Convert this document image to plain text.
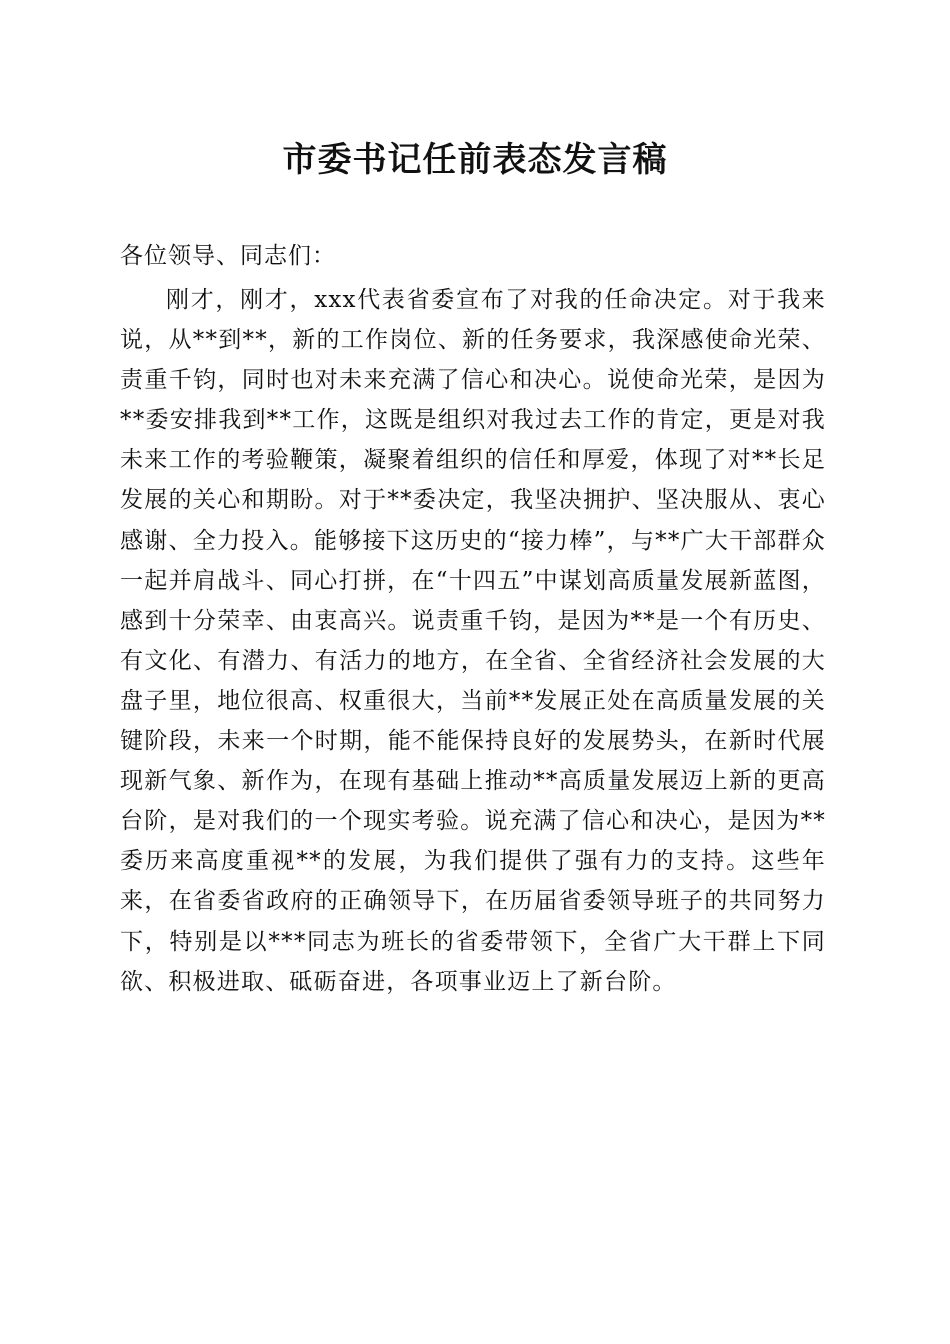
市委书记任前表态发言稿

各位领导、同志们：

刚才，刚才，xxx代表省委宣布了对我的任命决定。对于我来说，从**到**，新的工作岗位、新的任务要求，我深感使命光荣、责重千钧，同时也对未来充满了信心和决心。说使命光荣，是因为**委安排我到**工作，这既是组织对我过去工作的肯定，更是对我未来工作的考验鞭策，凝聚着组织的信任和厚爱，体现了对**长足发展的关心和期盼。对于**委决定，我坚决拥护、坚决服从、衷心感谢、全力投入。能够接下这历史的“接力棒”，与**广大干部群众一起并肩战斗、同心打拼，在“十四五”中谋划高质量发展新蓝图，感到十分荣幸、由衷高兴。说责重千钧，是因为**是一个有历史、有文化、有潜力、有活力的地方，在全省、全省经济社会发展的大盘子里，地位很高、权重很大，当前**发展正处在高质量发展的关键阶段，未来一个时期，能不能保持良好的发展势头，在新时代展现新气象、新作为，在现有基础上推动**高质量发展迈上新的更高台阶，是对我们的一个现实考验。说充满了信心和决心，是因为**委历来高度重视**的发展，为我们提供了强有力的支持。这些年来，在省委省政府的正确领导下，在历届省委领导班子的共同努力下，特别是以***同志为班长的省委带领下，全省广大干群上下同欲、积极进取、砥砺奋进，各项事业迈上了新台阶。
